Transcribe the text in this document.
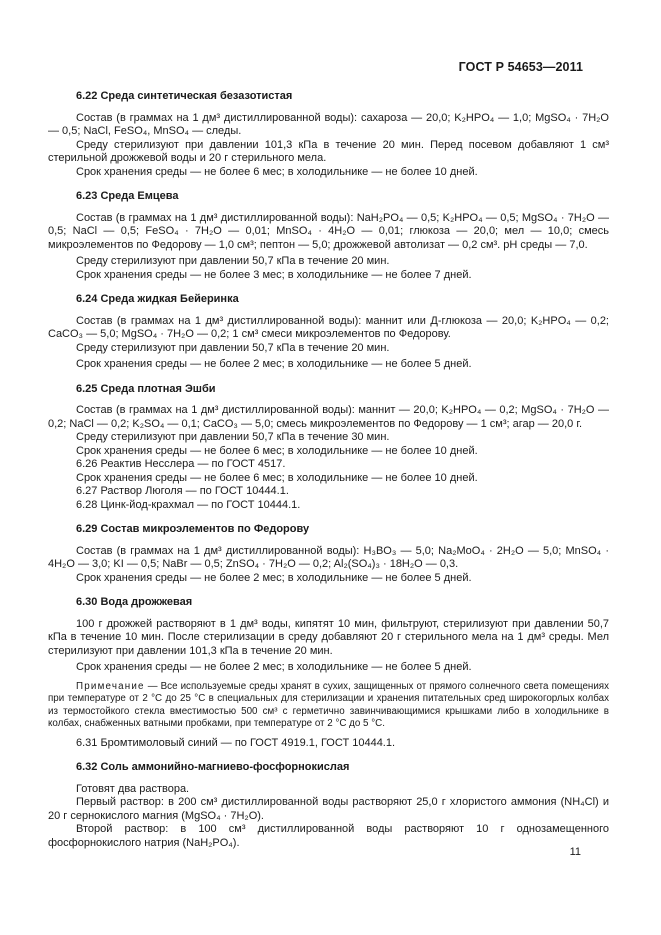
ГОСТ Р 54653—2011
6.22 Среда синтетическая безазотистая

Состав (в граммах на 1 дм³ дистиллированной воды): сахароза — 20,0; K₂HPO₄ — 1,0; MgSO₄ · 7H₂O — 0,5; NaCl, FeSO₄, MnSO₄ — следы.

Среду стерилизуют при давлении 101,3 кПа в течение 20 мин. Перед посевом добавляют 1 см³ стерильной дрожжевой воды и 20 г стерильного мела.

Срок хранения среды — не более 6 мес; в холодильнике — не более 10 дней.

6.23 Среда Емцева

Состав (в граммах на 1 дм³ дистиллированной воды): NaH₂PO₄ — 0,5; K₂HPO₄ — 0,5; MgSO₄ · 7H₂O — 0,5; NaCl — 0,5; FeSO₄ · 7H₂O — 0,01; MnSO₄ · 4H₂O — 0,01; глюкоза — 20,0; мел — 10,0; смесь микроэлементов по Федорову — 1,0 см³; пептон — 5,0; дрожжевой автолизат — 0,2 см³. pH среды — 7,0.

Среду стерилизуют при давлении 50,7 кПа в течение 20 мин.

Срок хранения среды — не более 3 мес; в холодильнике — не более 7 дней.

6.24 Среда жидкая Бейеринка

Состав (в граммах на 1 дм³ дистиллированной воды): маннит или Д-глюкоза — 20,0; K₂HPO₄ — 0,2; CaCO₃ — 5,0; MgSO₄ · 7H₂O — 0,2; 1 см³ смеси микроэлементов по Федорову.

Среду стерилизуют при давлении 50,7 кПа в течение 20 мин.

Срок хранения среды — не более 2 мес; в холодильнике — не более 5 дней.

6.25 Среда плотная Эшби

Состав (в граммах на 1 дм³ дистиллированной воды): маннит — 20,0; K₂HPO₄ — 0,2; MgSO₄ · 7H₂O — 0,2; NaCl — 0,2; K₂SO₄ — 0,1; CaCO₃ — 5,0; смесь микроэлементов по Федорову — 1 см³; агар — 20,0 г.

Среду стерилизуют при давлении 50,7 кПа в течение 30 мин.

Срок хранения среды — не более 6 мес; в холодильнике — не более 10 дней.

6.26 Реактив Несслера — по ГОСТ 4517.

Срок хранения среды — не более 6 мес; в холодильнике — не более 10 дней.

6.27 Раствор Люголя — по ГОСТ 10444.1.

6.28 Цинк-йод-крахмал — по ГОСТ 10444.1.

6.29 Состав микроэлементов по Федорову

Состав (в граммах на 1 дм³ дистиллированной воды): H₃BO₃ — 5,0; Na₂MoO₄ · 2H₂O — 5,0; MnSO₄ · 4H₂O — 3,0; KI — 0,5; NaBr — 0,5; ZnSO₄ · 7H₂O — 0,2; Al₂(SO₄)₃ · 18H₂O — 0,3.

Срок хранения среды — не более 2 мес; в холодильнике — не более 5 дней.

6.30 Вода дрожжевая

100 г дрожжей растворяют в 1 дм³ воды, кипятят 10 мин, фильтруют, стерилизуют при давлении 50,7 кПа в течение 10 мин. После стерилизации в среду добавляют 20 г стерильного мела на 1 дм³ среды. Мел стерилизуют при давлении 101,3 кПа в течение 20 мин.

Срок хранения среды — не более 2 мес; в холодильнике — не более 5 дней.

Примечание — Все используемые среды хранят в сухих, защищенных от прямого солнечного света помещениях при температуре от 2 °С до 25 °С в специальных для стерилизации и хранения питательных сред широкогорлых колбах из термостойкого стекла вместимостью 500 см³ с герметично завинчивающимися крышками либо в холодильнике в колбах, снабженных ватными пробками, при температуре от 2 °С до 5 °С.

6.31 Бромтимоловый синий — по ГОСТ 4919.1, ГОСТ 10444.1.

6.32 Соль аммонийно-магниево-фосфорнокислая

Готовят два раствора.

Первый раствор: в 200 см³ дистиллированной воды растворяют 25,0 г хлористого аммония (NH₄Cl) и 20 г сернокислого магния (MgSO₄ · 7H₂O).

Второй раствор: в 100 см³ дистиллированной воды растворяют 10 г однозамещенного фосфорнокислого натрия (NaH₂PO₄).

11
